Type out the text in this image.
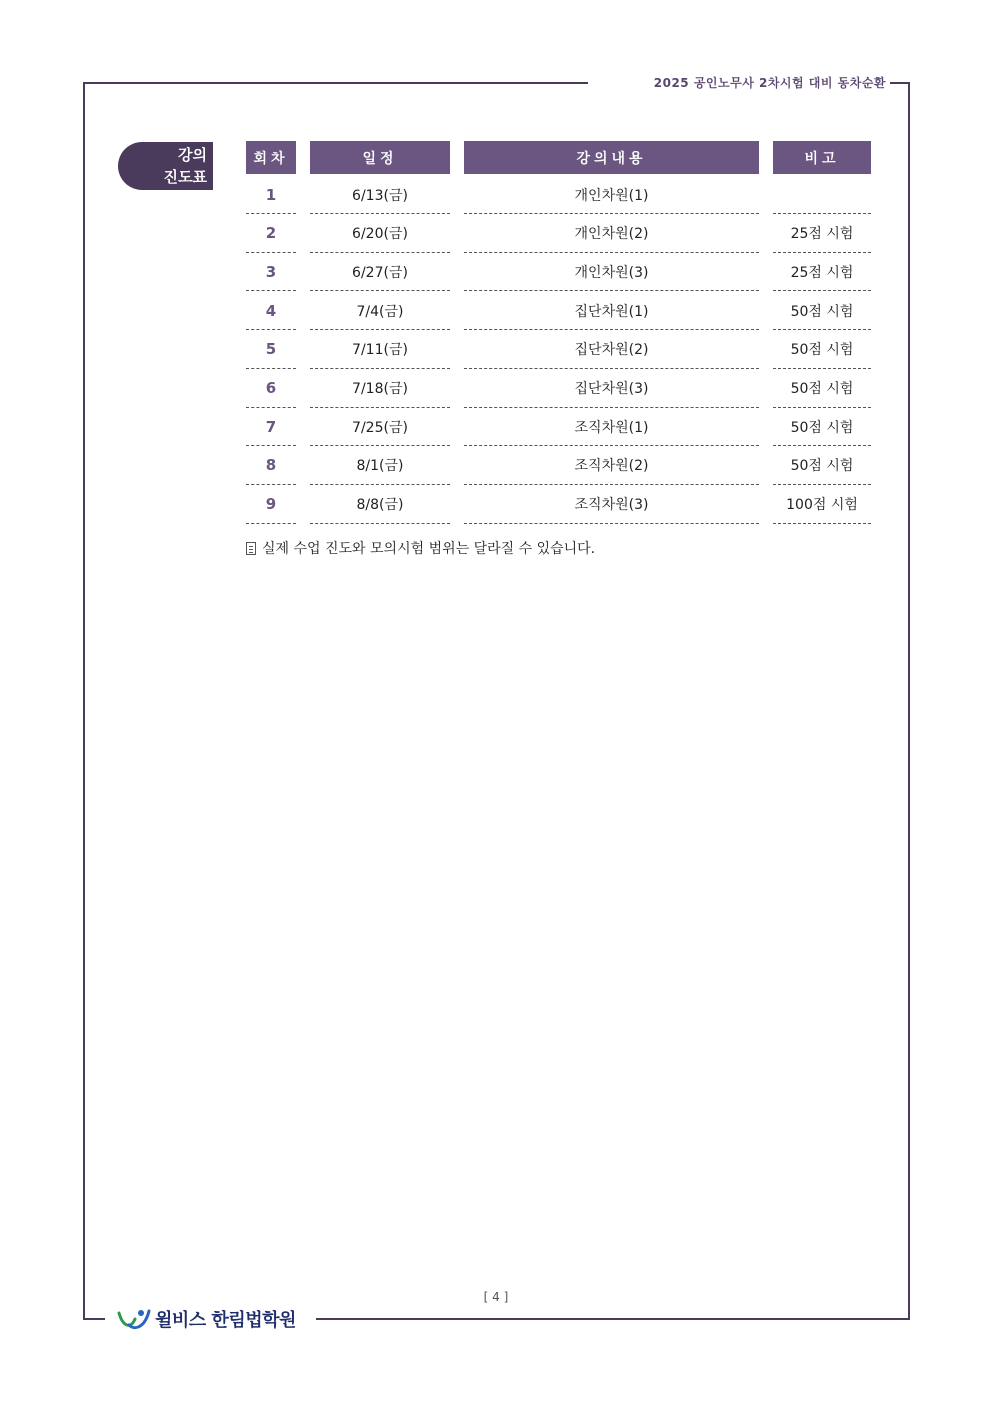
2025 공인노무사 2차시험 대비 동차순환
강의
진도표
회차	일정	강의내용	비고
1	6/13(금)	개인차원(1)
2	6/20(금)	개인차원(2)	25점 시험
3	6/27(금)	개인차원(3)	25점 시험
4	7/4(금)	집단차원(1)	50점 시험
5	7/11(금)	집단차원(2)	50점 시험
6	7/18(금)	집단차원(3)	50점 시험
7	7/25(금)	조직차원(1)	50점 시험
8	8/1(금)	조직차원(2)	50점 시험
9	8/8(금)	조직차원(3)	100점 시험
실제 수업 진도와 모의시험 범위는 달라질 수 있습니다.
[ 4 ]
윌비스 한림법학원
